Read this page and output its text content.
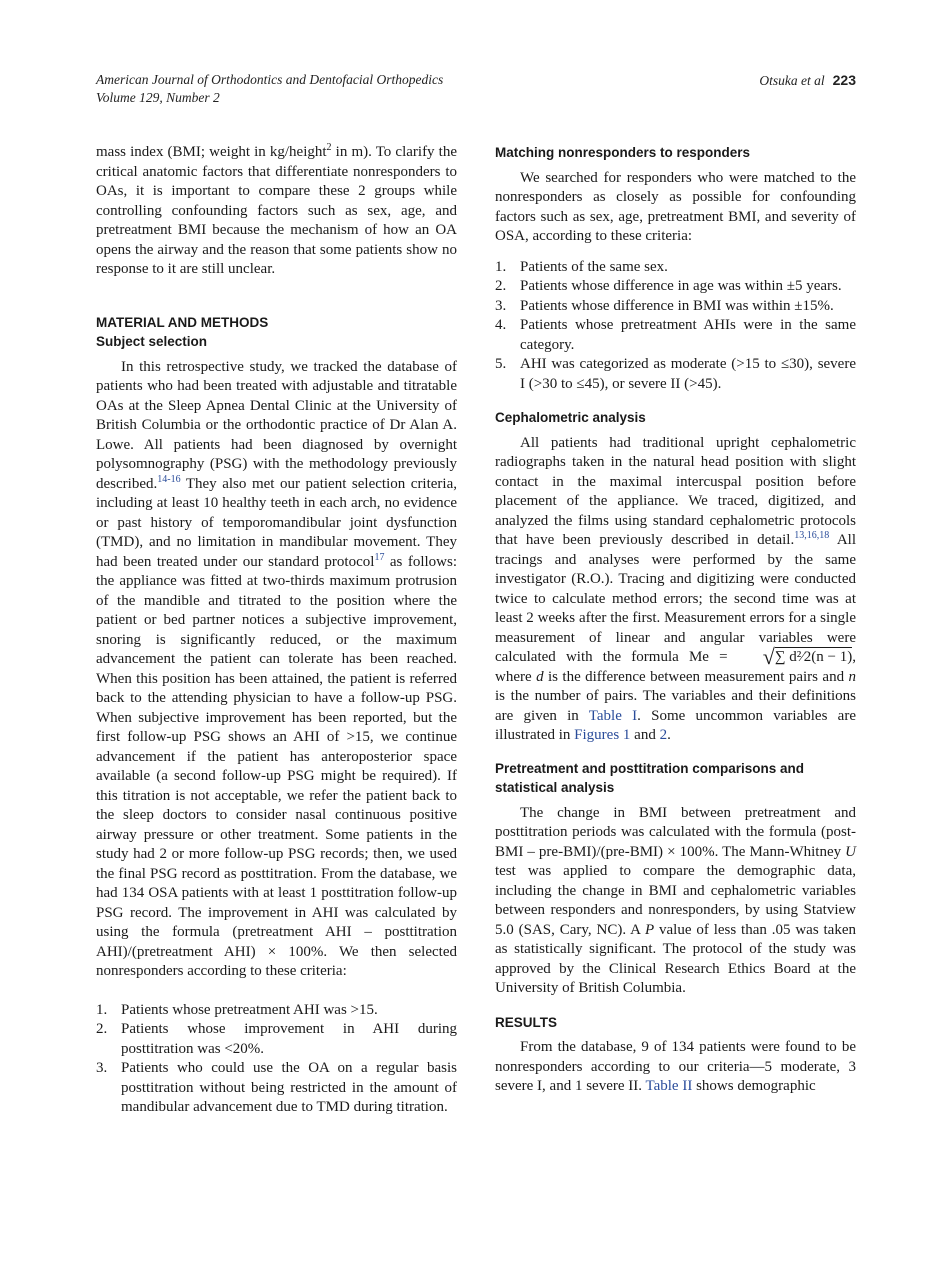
American Journal of Orthodontics and Dentofacial Orthopedics
Volume 129, Number 2
Otsuka et al 223

mass index (BMI; weight in kg/height$^2$ in m). To clarify the critical anatomic factors that differentiate nonresponders to OAs, it is important to compare these 2 groups while controlling confounding factors such as sex, age, and pretreatment BMI because the mechanism of how an OA opens the airway and the reason that some patients show no response to it are still unclear.

MATERIAL AND METHODS
Subject selection

In this retrospective study, we tracked the database of patients who had been treated with adjustable and titratable OAs at the Sleep Apnea Dental Clinic at the University of British Columbia or the orthodontic practice of Dr Alan A. Lowe. All patients had been diagnosed by overnight polysomnography (PSG) with the methodology previously described.$^{14-16}$ They also met our patient selection criteria, including at least 10 healthy teeth in each arch, no evidence or past history of temporomandibular joint dysfunction (TMD), and no limitation in mandibular movement. They had been treated under our standard protocol$^{17}$ as follows: the appliance was fitted at two-thirds maximum protrusion of the mandible and titrated to the position where the patient or bed partner notices a subjective improvement, snoring is significantly reduced, or the maximum advancement the patient can tolerate has been reached. When this position has been attained, the patient is referred back to the attending physician to have a follow-up PSG. When subjective improvement has been reported, but the first follow-up PSG shows an AHI of >15, we continue advancement if the patient has anteroposterior space available (a second follow-up PSG might be required). If this titration is not acceptable, we refer the patient back to the sleep doctors to consider nasal continuous positive airway pressure or other treatment. Some patients in the study had 2 or more follow-up PSG records; then, we used the final PSG record as posttitration. From the database, we had 134 OSA patients with at least 1 posttitration follow-up PSG record. The improvement in AHI was calculated by using the formula (pretreatment AHI – posttitration AHI)/(pretreatment AHI) × 100%. We then selected nonresponders according to these criteria:

1. Patients whose pretreatment AHI was >15.
2. Patients whose improvement in AHI during posttitration was <20%.
3. Patients who could use the OA on a regular basis posttitration without being restricted in the amount of mandibular advancement due to TMD during titration.
Matching nonresponders to responders

We searched for responders who were matched to the nonresponders as closely as possible for confounding factors such as sex, age, pretreatment BMI, and severity of OSA, according to these criteria:

1. Patients of the same sex.
2. Patients whose difference in age was within ±5 years.
3. Patients whose difference in BMI was within ±15%.
4. Patients whose pretreatment AHIs were in the same category.
5. AHI was categorized as moderate (>15 to ≤30), severe I (>30 to ≤45), or severe II (>45).
Cephalometric analysis

All patients had traditional upright cephalometric radiographs taken in the natural head position with slight contact in the maximal intercuspal position before placement of the appliance. We traced, digitized, and analyzed the films using standard cephalometric protocols that have been previously described in detail.$^{13,16,18}$ All tracings and analyses were performed by the same investigator (R.O.). Tracing and digitizing were conducted twice to calculate method errors; the second time was at least 2 weeks after the first. Measurement errors for a single measurement of linear and angular variables were calculated with the formula Me = √∑ d²⁄2(n − 1), where d is the difference between measurement pairs and n is the number of pairs. The variables and their definitions are given in Table I. Some uncommon variables are illustrated in Figures 1 and 2.

Pretreatment and posttitration comparisons and statistical analysis

The change in BMI between pretreatment and posttitration periods was calculated with the formula (post-BMI – pre-BMI)/(pre-BMI) × 100%. The Mann-Whitney U test was applied to compare the demographic data, including the change in BMI and cephalometric variables between responders and nonresponders, by using Statview 5.0 (SAS, Cary, NC). A P value of less than .05 was taken as statistically significant. The protocol of the study was approved by the Clinical Research Ethics Board at the University of British Columbia.

RESULTS

From the database, 9 of 134 patients were found to be nonresponders according to our criteria—5 moderate, 3 severe I, and 1 severe II. Table II shows demographic
